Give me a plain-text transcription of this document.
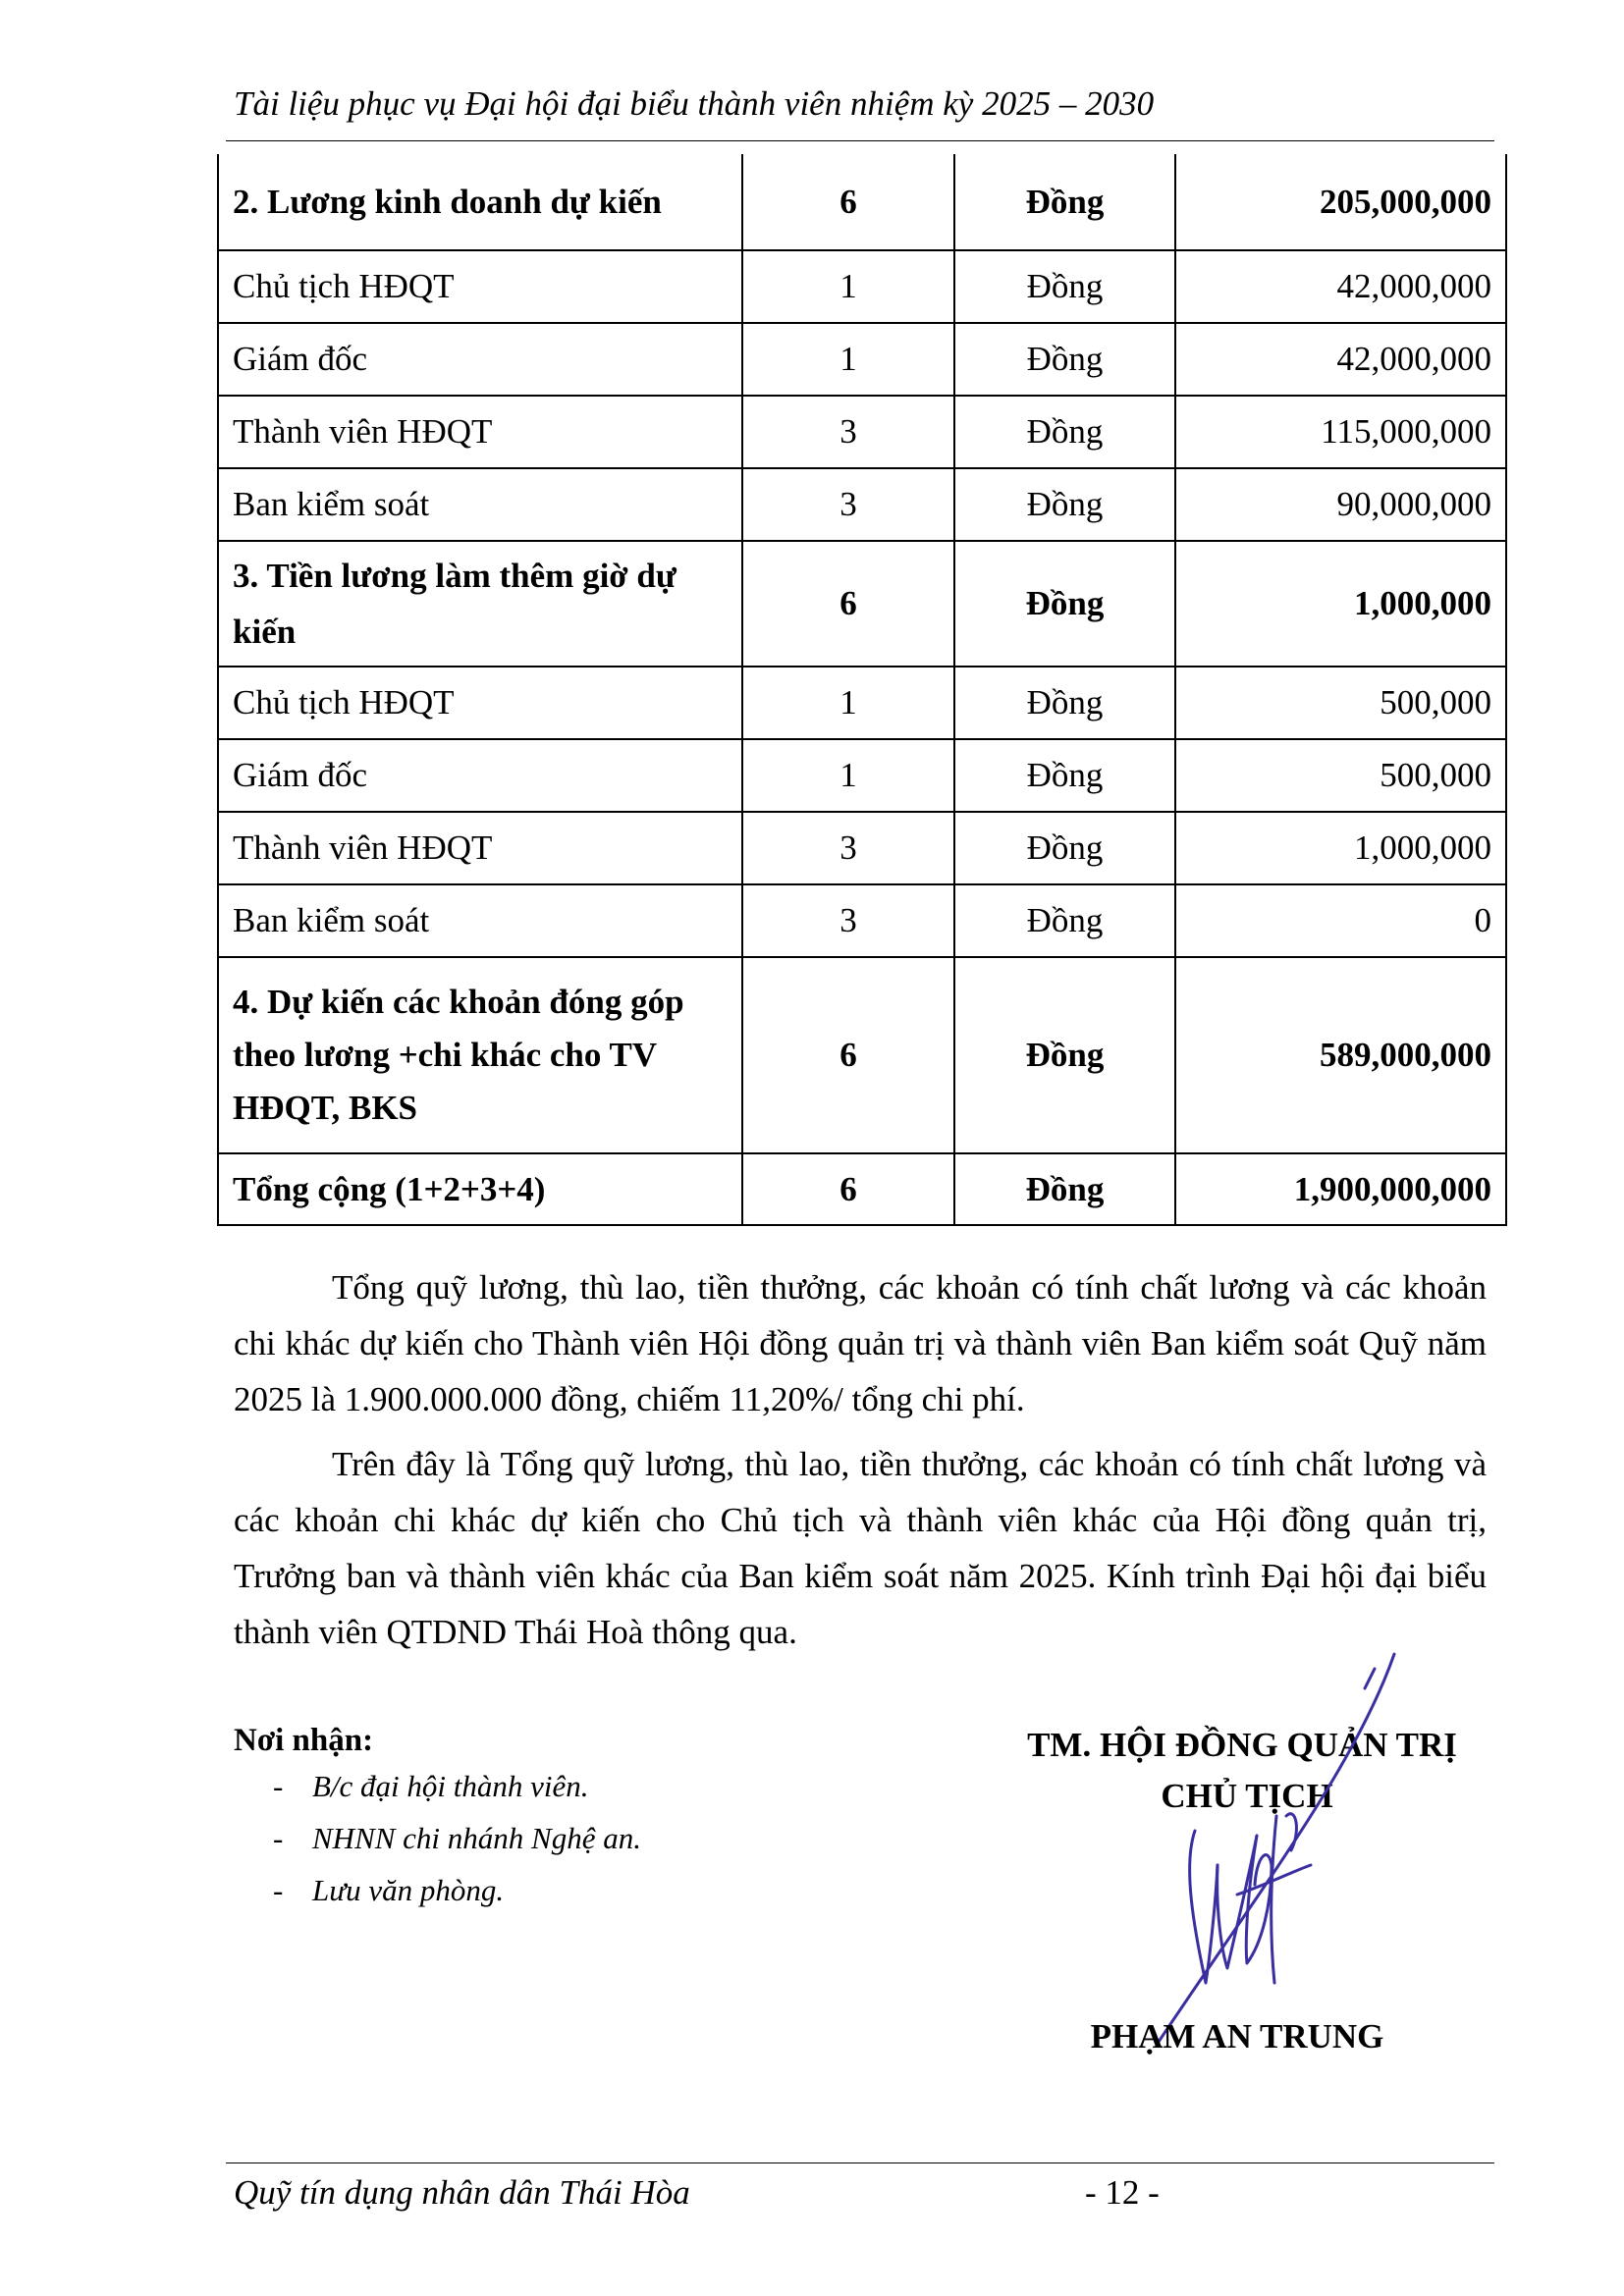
Tài liệu phục vụ Đại hội đại biểu thành viên nhiệm kỳ 2025 – 2030
2. Lương kinh doanh dự kiến	6	Đồng	205,000,000
Chủ tịch HĐQT	1	Đồng	42,000,000
Giám đốc	1	Đồng	42,000,000
Thành viên HĐQT	3	Đồng	115,000,000
Ban kiểm soát	3	Đồng	90,000,000
3. Tiền lương làm thêm giờ dự kiến	6	Đồng	1,000,000
Chủ tịch HĐQT	1	Đồng	500,000
Giám đốc	1	Đồng	500,000
Thành viên HĐQT	3	Đồng	1,000,000
Ban kiểm soát	3	Đồng	0
4. Dự kiến các khoản đóng góp theo lương +chi khác cho TV HĐQT, BKS	6	Đồng	589,000,000
Tổng cộng (1+2+3+4)	6	Đồng	1,900,000,000

Tổng quỹ lương, thù lao, tiền thưởng, các khoản có tính chất lương và các khoản chi khác dự kiến cho Thành viên Hội đồng quản trị và thành viên Ban kiểm soát Quỹ năm 2025 là 1.900.000.000 đồng, chiếm 11,20%/ tổng chi phí.

Trên đây là Tổng quỹ lương, thù lao, tiền thưởng, các khoản có tính chất lương và các khoản chi khác dự kiến cho Chủ tịch và thành viên khác của Hội đồng quản trị, Trưởng ban và thành viên khác của Ban kiểm soát năm 2025. Kính trình Đại hội đại biểu thành viên QTDND Thái Hoà thông qua.

Nơi nhận:
- B/c đại hội thành viên.
- NHNN chi nhánh Nghệ an.
- Lưu văn phòng.
TM. HỘI ĐỒNG QUẢN TRỊ
CHỦ TỊCH
PHẠM AN TRUNG
Quỹ tín dụng nhân dân Thái Hòa	- 12 -
